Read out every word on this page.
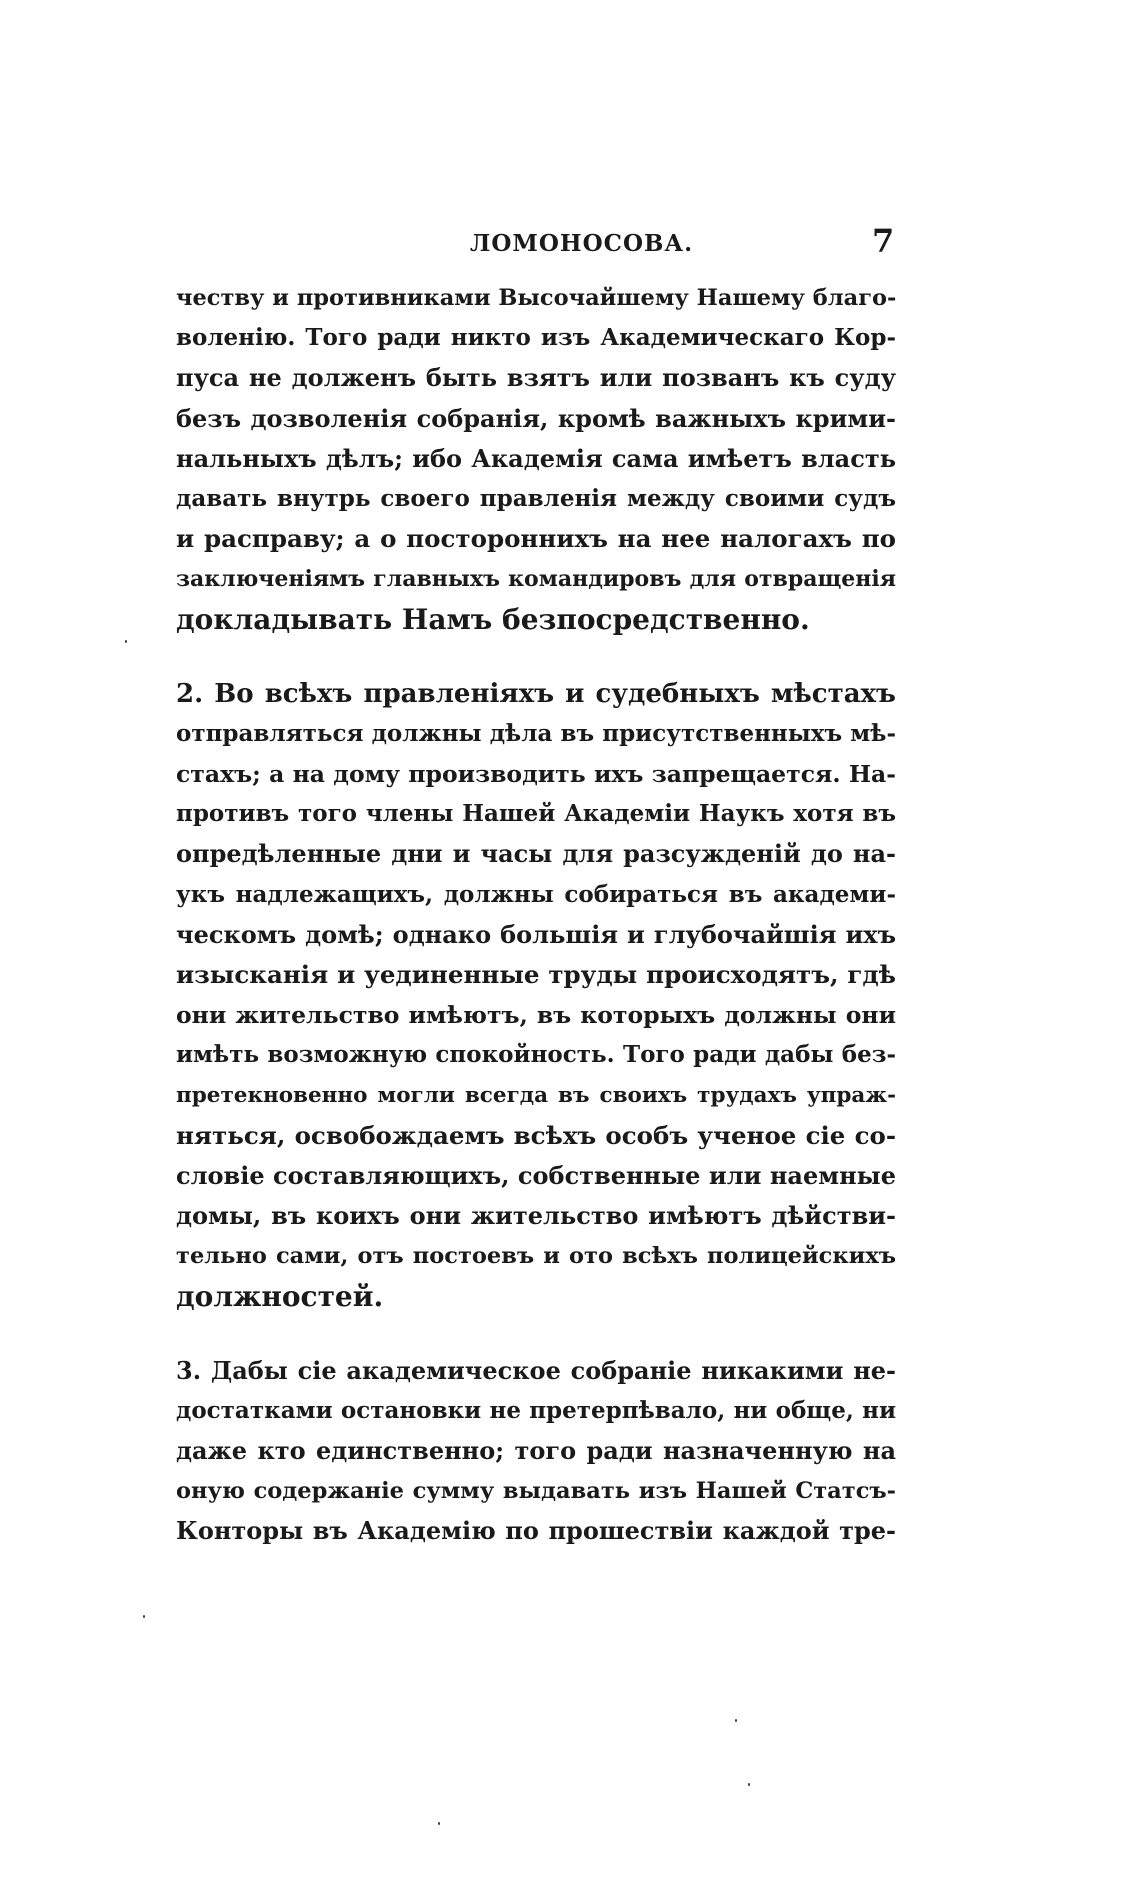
ЛОМОНОСОВА.	7
честву и противниками Высочайшему Нашему благо-
воленію. Того ради никто изъ Академическаго Кор-
пуса не долженъ быть взятъ или позванъ къ суду
безъ дозволенія собранія, кромѣ важныхъ крими-
нальныхъ дѣлъ; ибо Академія сама имѣетъ власть
давать внутрь своего правленія между своими судъ
и расправу; а о постороннихъ на нее налогахъ по
заключеніямъ главныхъ командировъ для отвращенія
докладывать Намъ безпосредственно.
2. Во всѣхъ правленіяхъ и судебныхъ мѣстахъ
отправляться должны дѣла въ присутственныхъ мѣ-
стахъ; а на дому производить ихъ запрещается. На-
противъ того члены Нашей Академіи Наукъ хотя въ
опредѣленные дни и часы для разсужденій до на-
укъ надлежащихъ, должны собираться въ академи-
ческомъ домѣ; однако большія и глубочайшія ихъ
изысканія и уединенные труды происходятъ, гдѣ
они жительство имѣютъ, въ которыхъ должны они
имѣть возможную спокойность. Того ради дабы без-
претекновенно могли всегда въ своихъ трудахъ упраж-
няться, освобождаемъ всѣхъ особъ ученое сіе со-
словіе составляющихъ, собственные или наемные
домы, въ коихъ они жительство имѣютъ дѣйстви-
тельно сами, отъ постоевъ и ото всѣхъ полицейскихъ
должностей.
3. Дабы сіе академическое собраніе никакими не-
достатками остановки не претерпѣвало, ни обще, ни
даже кто единственно; того ради назначенную на
оную содержаніе сумму выдавать изъ Нашей Статсъ-
Конторы въ Академію по прошествіи каждой тре-
